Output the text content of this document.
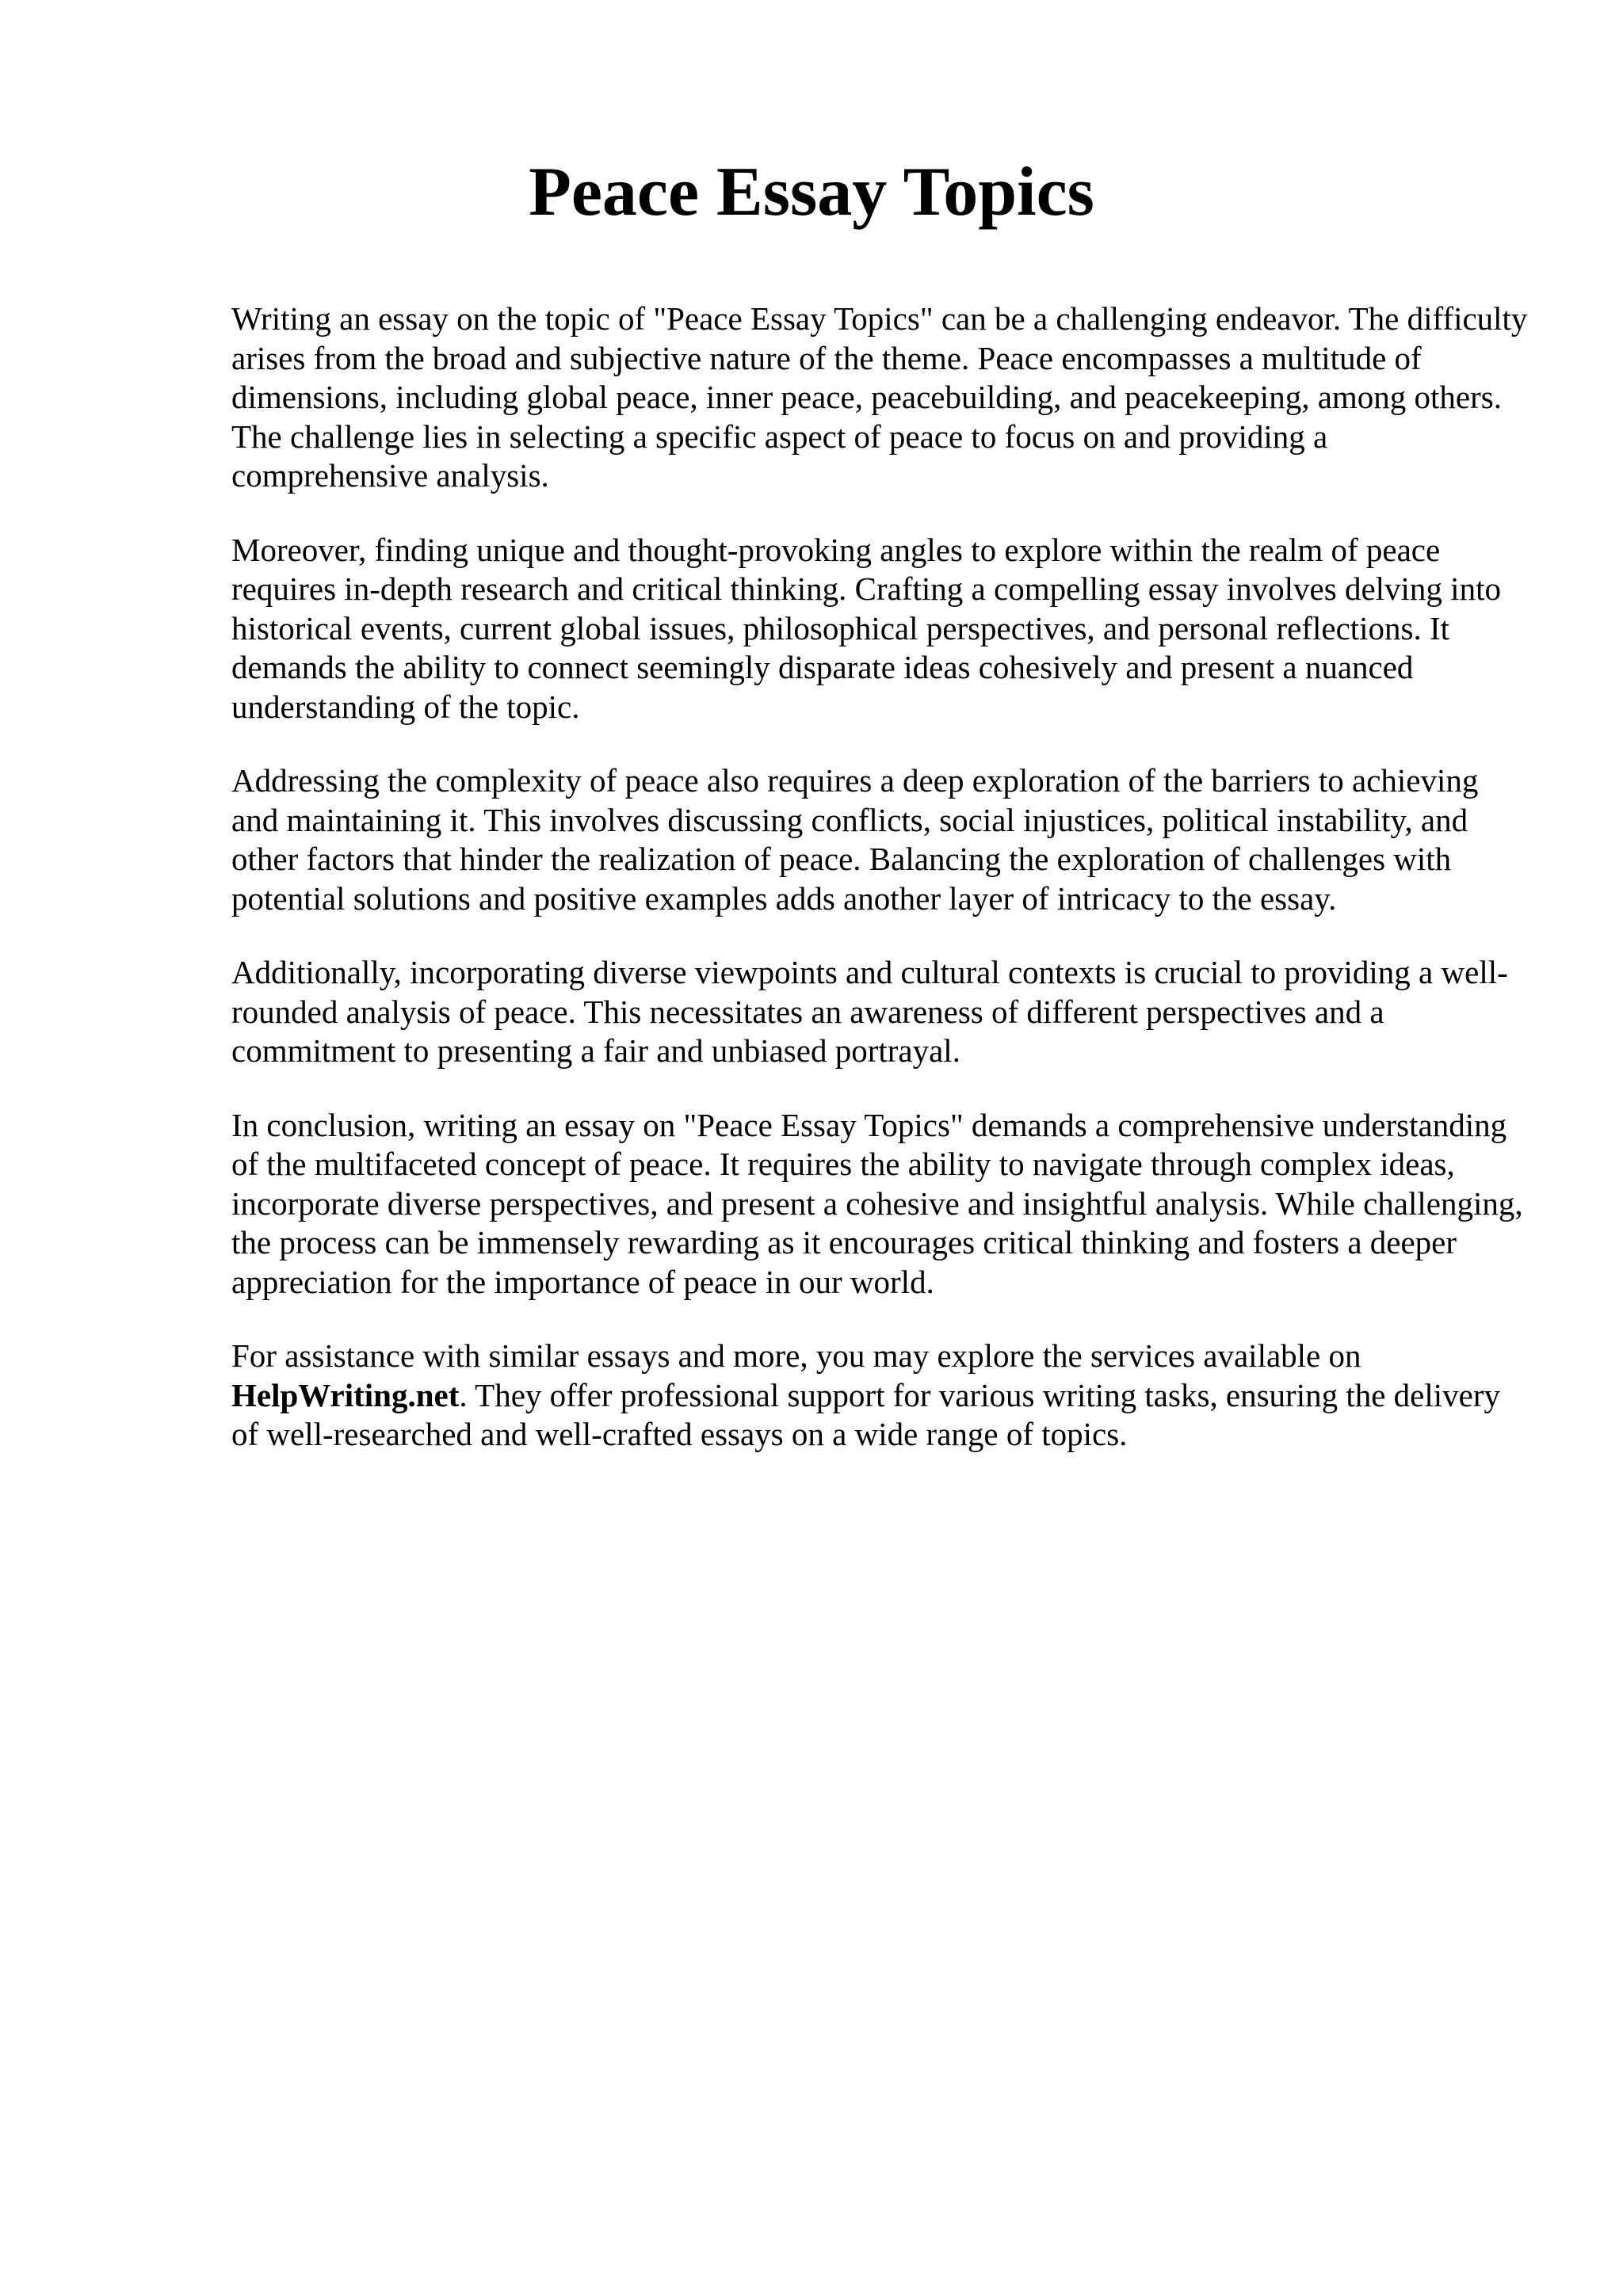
Peace Essay Topics

Writing an essay on the topic of "Peace Essay Topics" can be a challenging endeavor. The difficulty arises from the broad and subjective nature of the theme. Peace encompasses a multitude of dimensions, including global peace, inner peace, peacebuilding, and peacekeeping, among others. The challenge lies in selecting a specific aspect of peace to focus on and providing a comprehensive analysis.

Moreover, finding unique and thought-provoking angles to explore within the realm of peace requires in-depth research and critical thinking. Crafting a compelling essay involves delving into historical events, current global issues, philosophical perspectives, and personal reflections. It demands the ability to connect seemingly disparate ideas cohesively and present a nuanced understanding of the topic.

Addressing the complexity of peace also requires a deep exploration of the barriers to achieving and maintaining it. This involves discussing conflicts, social injustices, political instability, and other factors that hinder the realization of peace. Balancing the exploration of challenges with potential solutions and positive examples adds another layer of intricacy to the essay.

Additionally, incorporating diverse viewpoints and cultural contexts is crucial to providing a well-rounded analysis of peace. This necessitates an awareness of different perspectives and a commitment to presenting a fair and unbiased portrayal.

In conclusion, writing an essay on "Peace Essay Topics" demands a comprehensive understanding of the multifaceted concept of peace. It requires the ability to navigate through complex ideas, incorporate diverse perspectives, and present a cohesive and insightful analysis. While challenging, the process can be immensely rewarding as it encourages critical thinking and fosters a deeper appreciation for the importance of peace in our world.

For assistance with similar essays and more, you may explore the services available on HelpWriting.net. They offer professional support for various writing tasks, ensuring the delivery of well-researched and well-crafted essays on a wide range of topics.
